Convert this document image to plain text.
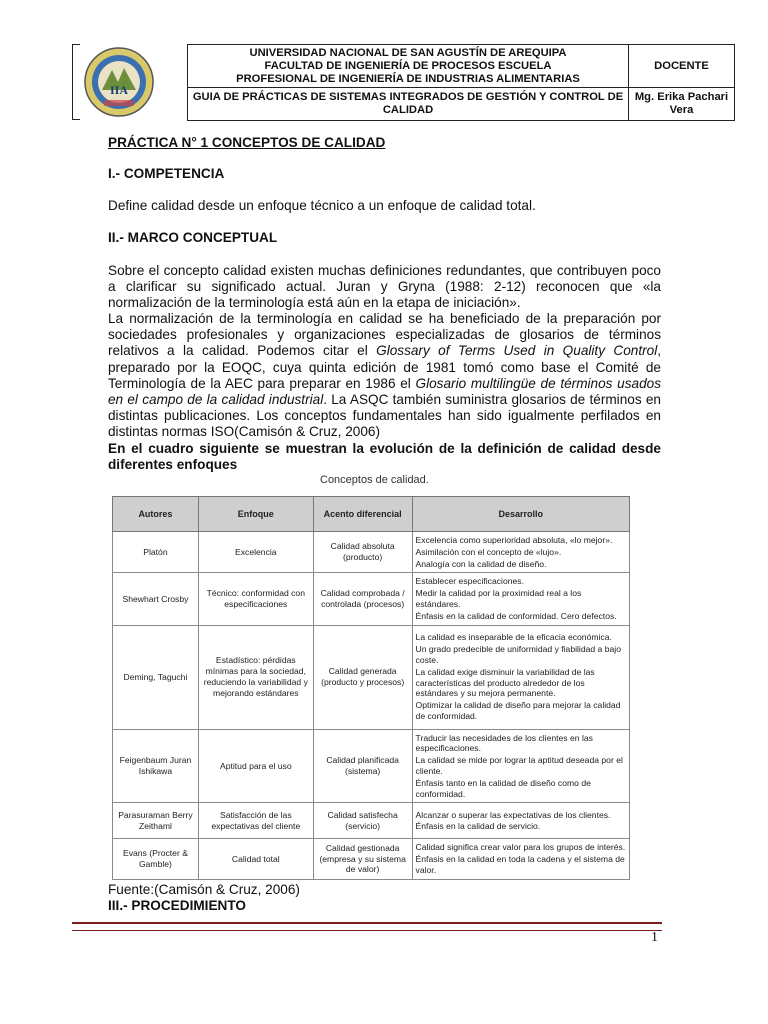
IIA
UNIVERSIDAD NACIONAL DE SAN AGUSTÍN DE AREQUIPA
FACULTAD DE INGENIERÍA DE PROCESOS ESCUELA
PROFESIONAL DE INGENIERÍA DE INDUSTRIAS ALIMENTARIAS	DOCENTE
GUIA DE PRÁCTICAS DE SISTEMAS INTEGRADOS DE GESTIÓN Y CONTROL DE CALIDAD	Mg. Erika Pachari Vera
PRÁCTICA N° 1 CONCEPTOS DE CALIDAD
I.- COMPETENCIA
Define calidad desde un enfoque técnico a un enfoque de calidad total.
II.- MARCO CONCEPTUAL
Sobre el concepto calidad existen muchas definiciones redundantes, que contribuyen poco a clarificar su significado actual. Juran y Gryna (1988: 2-12) reconocen que «la normalización de la terminología está aún en la etapa de iniciación».
La normalización de la terminología en calidad se ha beneficiado de la preparación por sociedades profesionales y organizaciones especializadas de glosarios de términos relativos a la calidad. Podemos citar el Glossary of Terms Used in Quality Control, preparado por la EOQC, cuya quinta edición de 1981 tomó como base el Comité de Terminología de la AEC para preparar en 1986 el Glosario multilingüe de términos usados en el campo de la calidad industrial. La ASQC también suministra glosarios de términos en distintas publicaciones. Los conceptos fundamentales han sido igualmente perfilados en distintas normas ISO(Camisón & Cruz, 2006)
En el cuadro siguiente se muestran la evolución de la definición de calidad desde diferentes enfoques
Conceptos de calidad.
Autores	Enfoque	Acento diferencial	Desarrollo
Platón	Excelencia	Calidad absoluta (producto)	Excelencia como superioridad absoluta, «lo mejor».
Asimilación con el concepto de «lujo».
Analogía con la calidad de diseño.

Shewhart Crosby	Técnico: conformidad con especificaciones	Calidad comprobada / controlada (procesos)	Establecer especificaciones.
Medir la calidad por la proximidad real a los estándares.
Énfasis en la calidad de conformidad. Cero defectos.

Deming, Taguchi	Estadístico: pérdidas mínimas para la sociedad, reduciendo la variabilidad y mejorando estándares	Calidad generada (producto y procesos)	La calidad es inseparable de la eficacia económica.
Un grado predecible de uniformidad y fiabilidad a bajo coste.
La calidad exige disminuir la variabilidad de las características del producto alrededor de los estándares y su mejora permanente.
Optimizar la calidad de diseño para mejorar la calidad de conformidad.

Feigenbaum Juran Ishikawa	Aptitud para el uso	Calidad planificada (sistema)	Traducir las necesidades de los clientes en las especificaciones.
La calidad se mide por lograr la aptitud deseada por el cliente.
Énfasis tanto en la calidad de diseño como de conformidad.

Parasuraman Berry Zeithaml	Satisfacción de las expectativas del cliente	Calidad satisfecha (servicio)	Alcanzar o superar las expectativas de los clientes.
Énfasis en la calidad de servicio.

Evans (Procter & Gamble)	Calidad total	Calidad gestionada (empresa y su sistema de valor)	Calidad significa crear valor para los grupos de interés.
Énfasis en la calidad en toda la cadena y el sistema de valor.
Fuente:(Camisón & Cruz, 2006)
III.- PROCEDIMIENTO
1
